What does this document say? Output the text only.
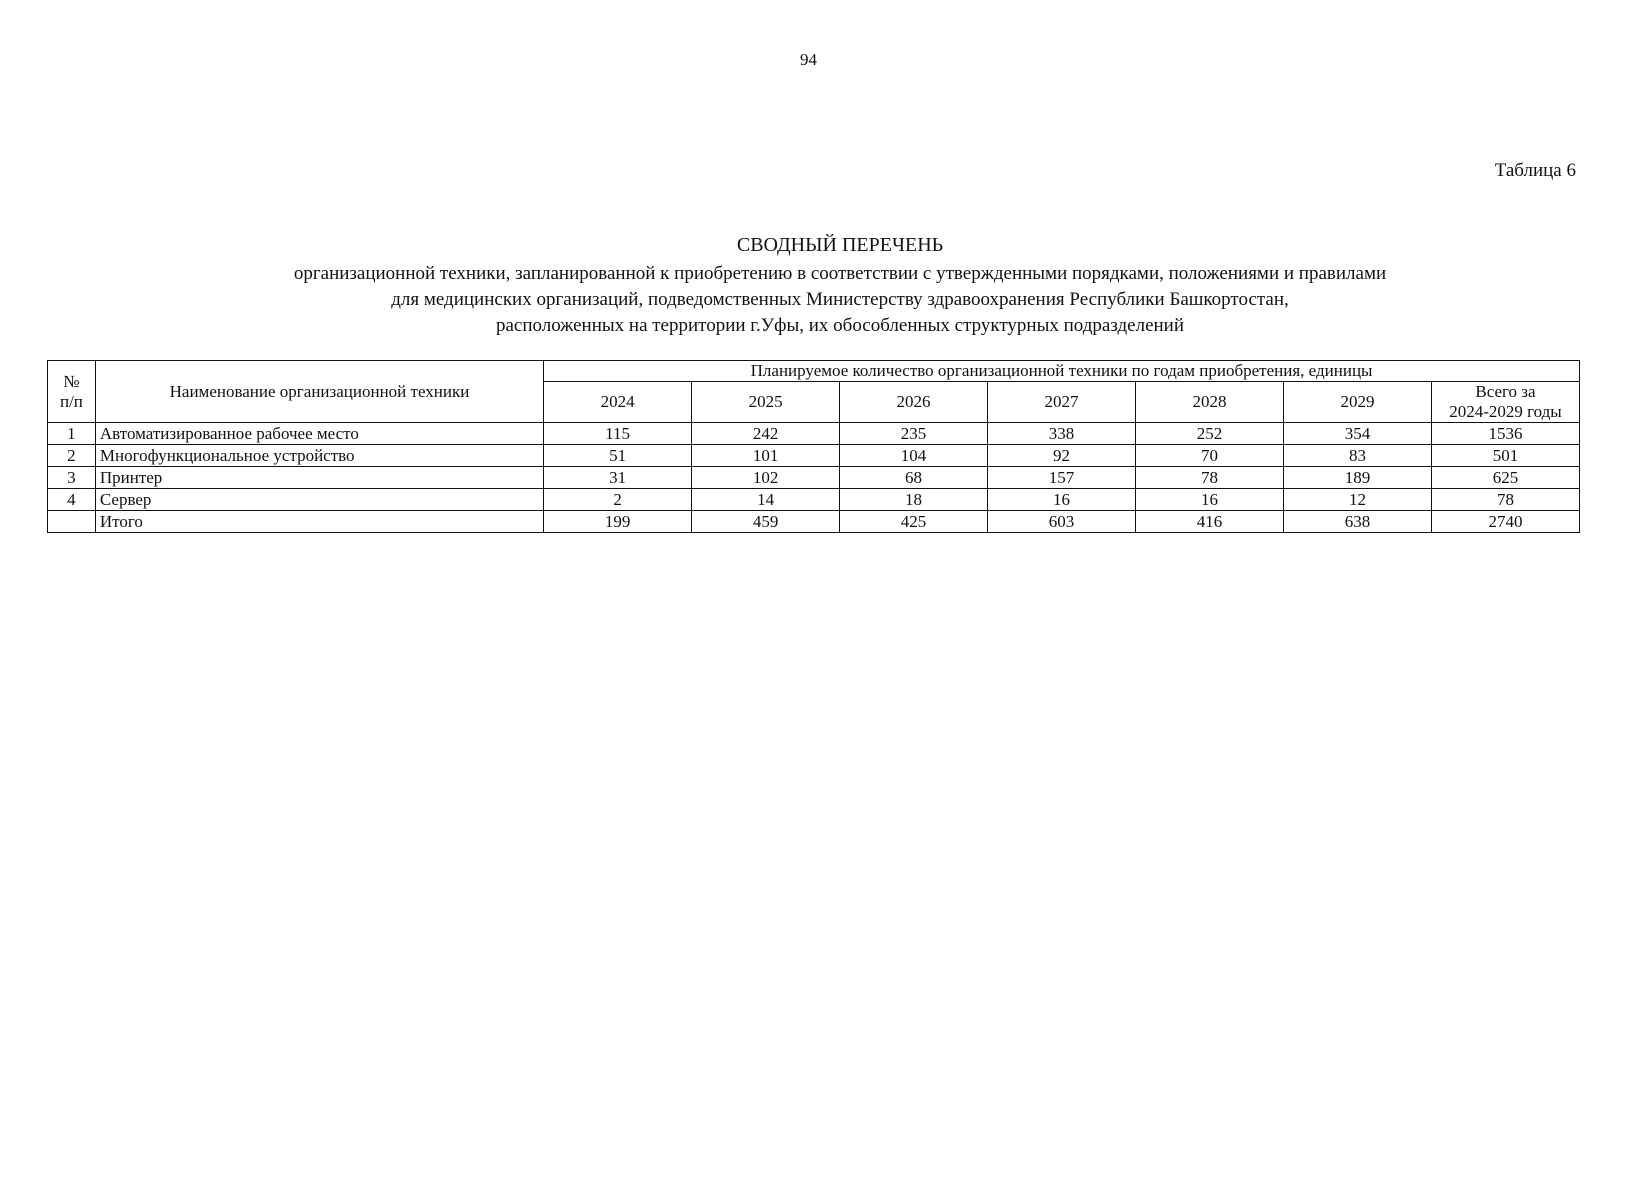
94
Таблица 6
СВОДНЫЙ ПЕРЕЧЕНЬ
организационной техники, запланированной к приобретению в соответствии с утвержденными порядками, положениями и правилами
для медицинских организаций, подведомственных Министерству здравоохранения Республики Башкортостан,
расположенных на территории г.Уфы, их обособленных структурных подразделений
№
п/п	Наименование организационной техники	Планируемое количество организационной техники по годам приобретения, единицы						
		2024	2025	2026	2027	2028	2029	Всего за
2024-2029 годы

1	Автоматизированное рабочее место	115	242	235	338	252	354	1536
2	Многофункциональное устройство	51	101	104	92	70	83	501
3	Принтер	31	102	68	157	78	189	625
4	Сервер	2	14	18	16	16	12	78
	Итого	199	459	425	603	416	638	2740
